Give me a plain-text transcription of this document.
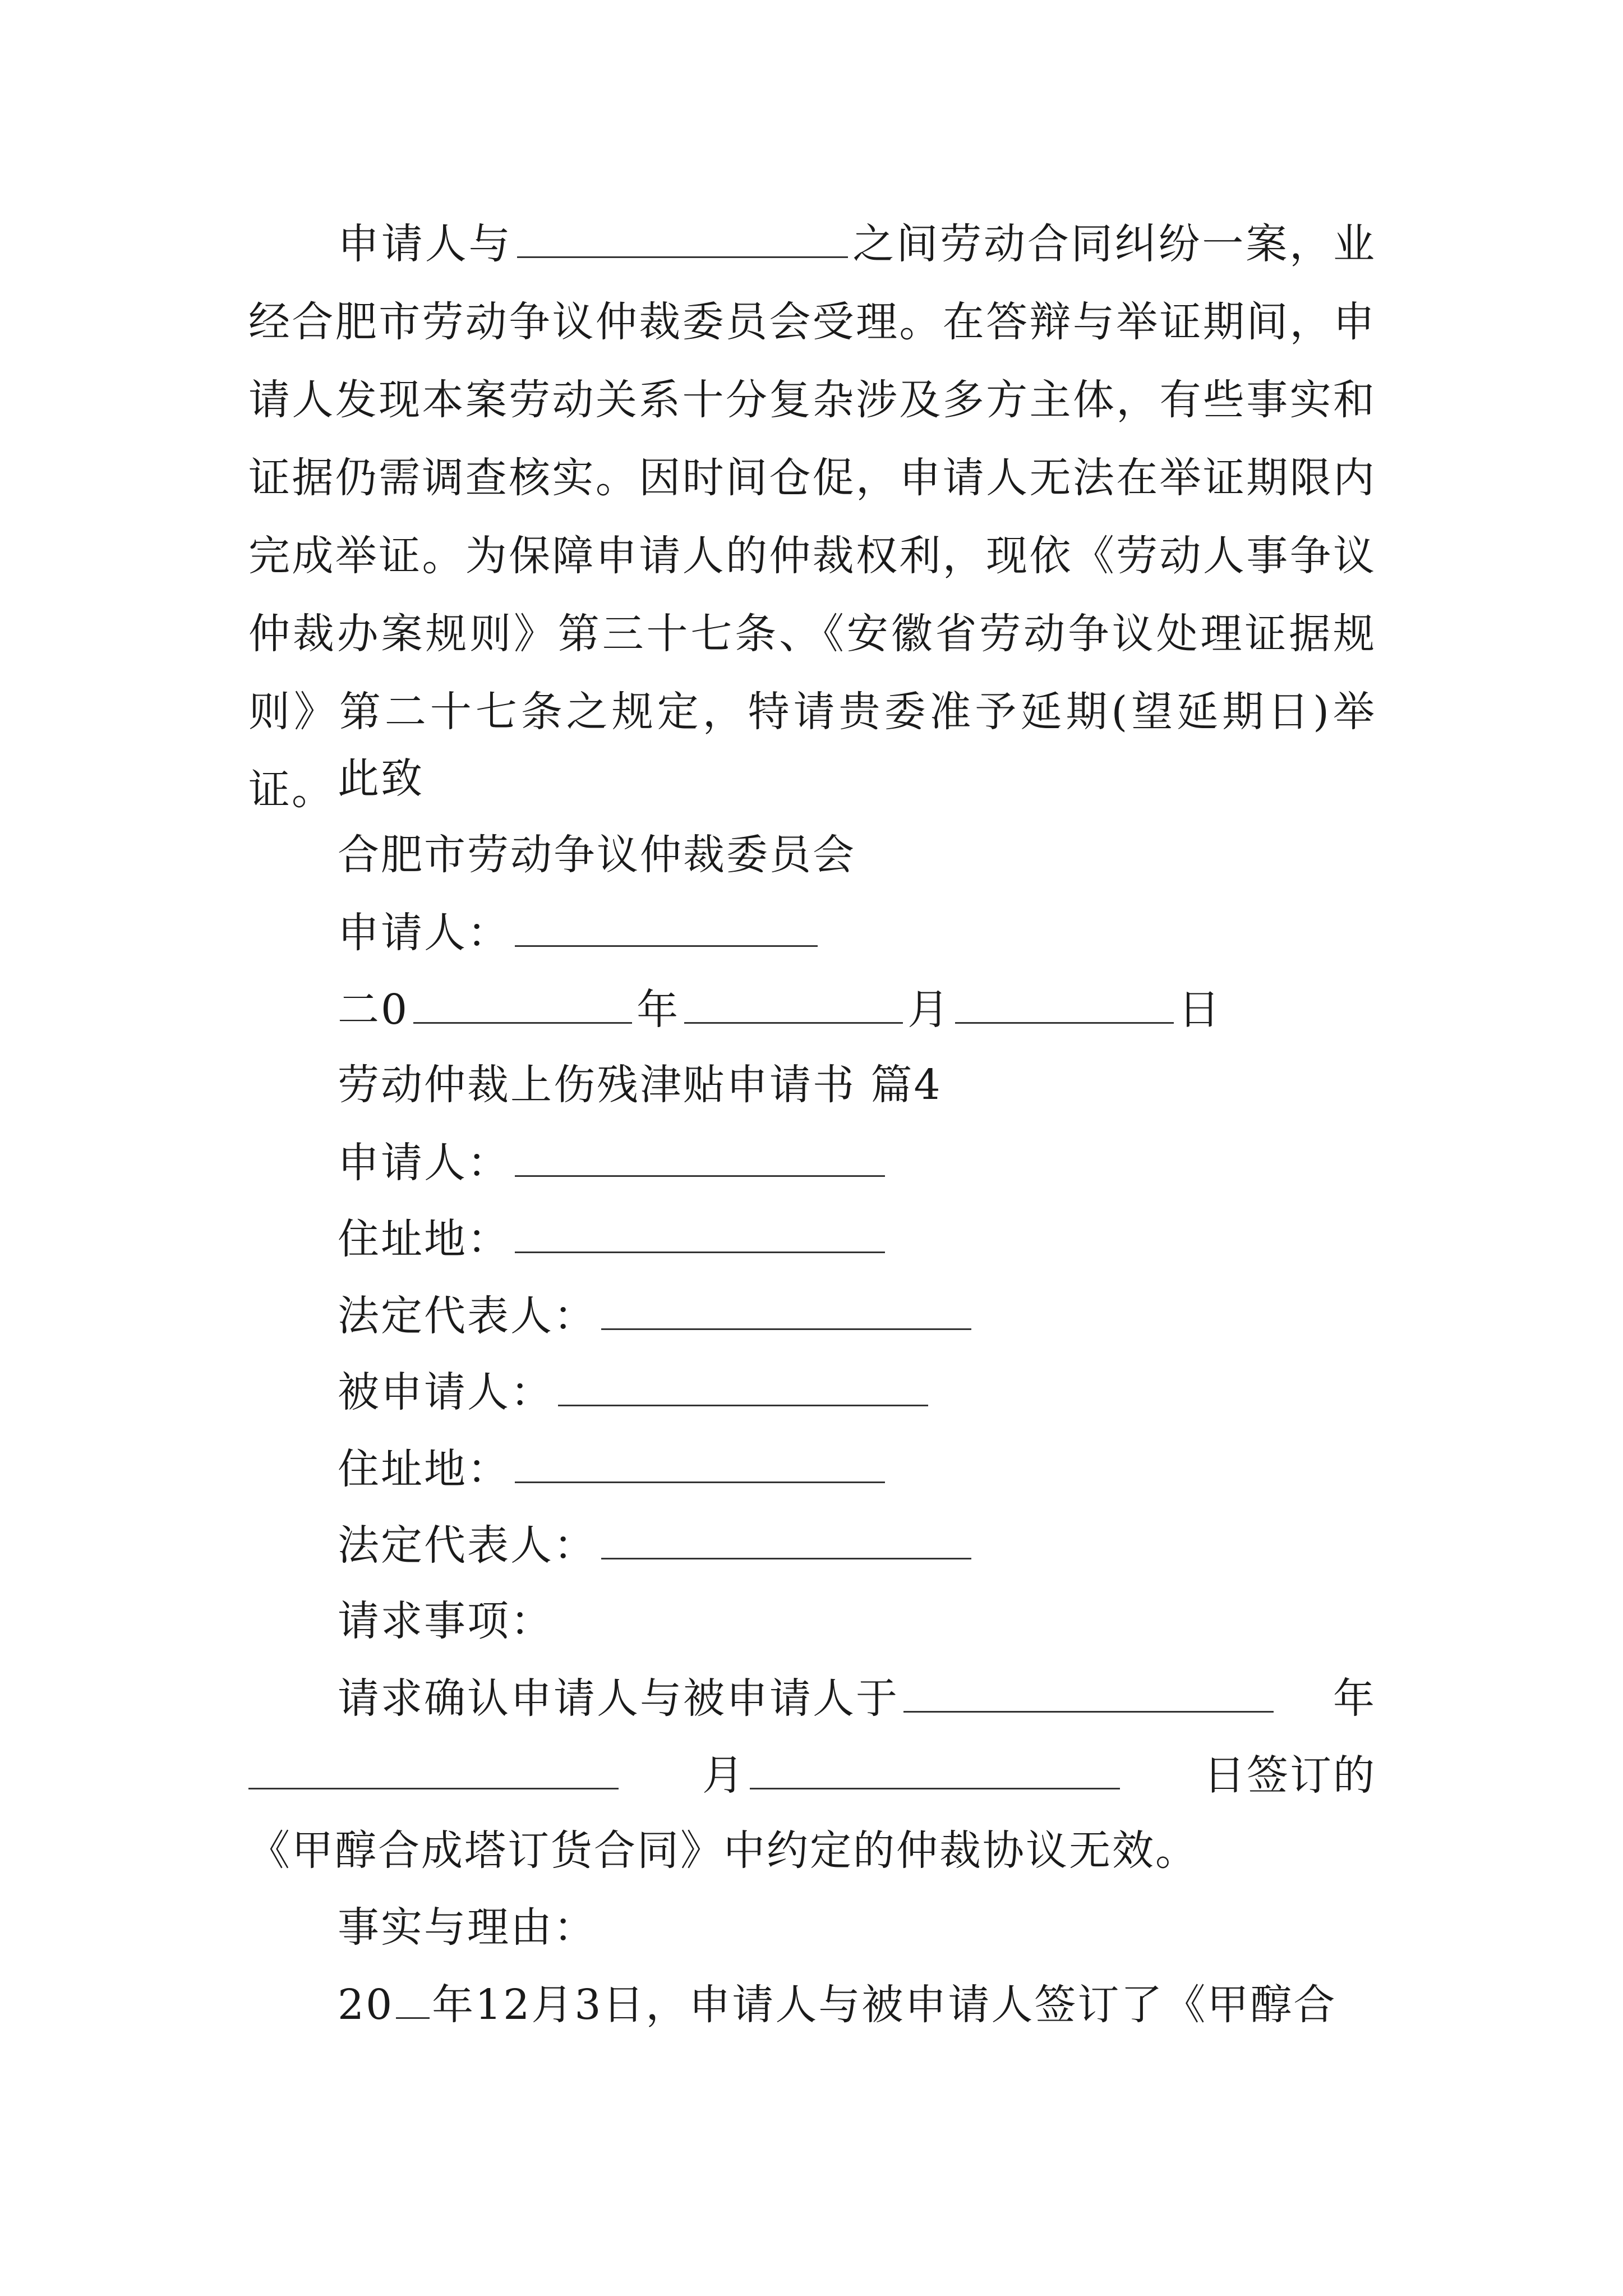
申请人与	之间劳动合同纠纷一案，业经合肥市劳动争议仲裁委员会受理。在答辩与举证期间，申请人发现本案劳动关系十分复杂涉及多方主体，有些事实和证据仍需调查核实。因时间仓促，申请人无法在举证期限内完成举证。为保障申请人的仲裁权利，现依《劳动人事争议仲裁办案规则》第三十七条、《安徽省劳动争议处理证据规则》第二十七条之规定，特请贵委准予延期(望延期日)举证。 此致
合肥市劳动争议仲裁委员会
申请人：
二0	年	月	日
劳动仲裁上伤残津贴申请书 篇4
申请人：
住址地：
法定代表人：
被申请人：
住址地：
法定代表人：
请求事项：
请求确认申请人与被申请人于	年
月	日签订的
《甲醇合成塔订货合同》中约定的仲裁协议无效。
事实与理由：
20 年12月3日，申请人与被申请人签订了《甲醇合
